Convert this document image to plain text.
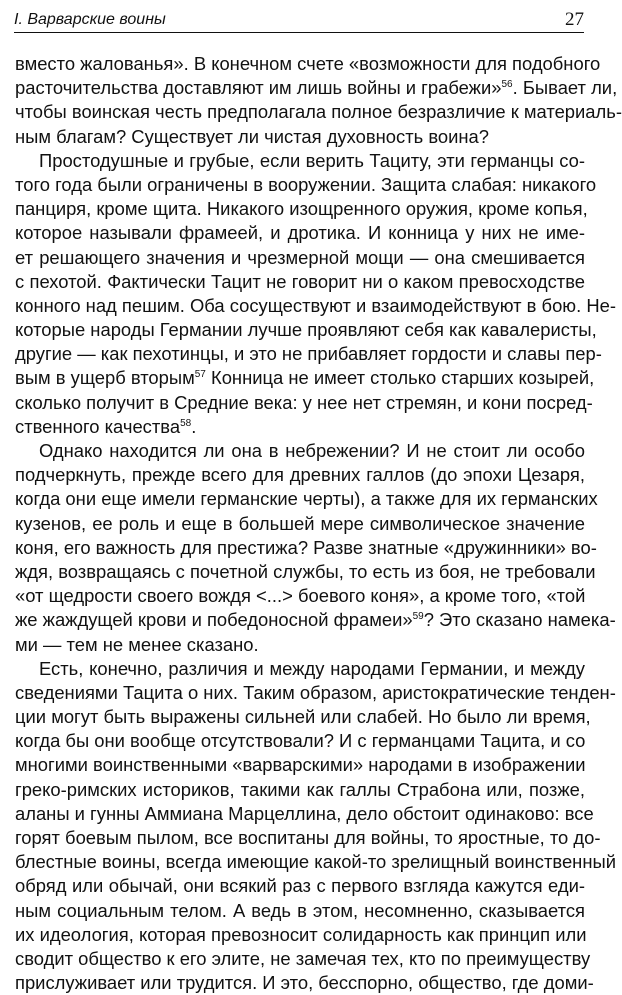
I. Варварские воины	27
вместо жалованья». В конечном счете «возможности для подобного
расточительства доставляют им лишь войны и грабежи»$^{56}$. Бывает ли,
чтобы воинская честь предполагала полное безразличие к материаль-
ным благам? Существует ли чистая духовность воина?
Простодушные и грубые, если верить Тациту, эти германцы со-
того года были ограничены в вооружении. Защита слабая: никакого
панциря, кроме щита. Никакого изощренного оружия, кроме копья,
которое называли фрамеей, и дротика. И конница у них не име-
ет решающего значения и чрезмерной мощи — она смешивается
с пехотой. Фактически Тацит не говорит ни о каком превосходстве
конного над пешим. Оба сосуществуют и взаимодействуют в бою. Не-
которые народы Германии лучше проявляют себя как кавалеристы,
другие — как пехотинцы, и это не прибавляет гордости и славы пер-
вым в ущерб вторым$^{57}$ Конница не имеет столько старших козырей,
сколько получит в Средние века: у нее нет стремян, и кони посред-
ственного качества$^{58}$.
Однако находится ли она в небрежении? И не стоит ли особо
подчеркнуть, прежде всего для древних галлов (до эпохи Цезаря,
когда они еще имели германские черты), а также для их германских
кузенов, ее роль и еще в большей мере символическое значение
коня, его важность для престижа? Разве знатные «дружинники» во-
ждя, возвращаясь с почетной службы, то есть из боя, не требовали
«от щедрости своего вождя <...> боевого коня», а кроме того, «той
же жаждущей крови и победоносной фрамеи»$^{59}$? Это сказано намека-
ми — тем не менее сказано.
Есть, конечно, различия и между народами Германии, и между
сведениями Тацита о них. Таким образом, аристократические тенден-
ции могут быть выражены сильней или слабей. Но было ли время,
когда бы они вообще отсутствовали? И с германцами Тацита, и со
многими воинственными «варварскими» народами в изображении
греко-римских историков, такими как галлы Страбона или, позже,
аланы и гунны Аммиана Марцеллина, дело обстоит одинаково: все
горят боевым пылом, все воспитаны для войны, то яростные, то до-
блестные воины, всегда имеющие какой-то зрелищный воинственный
обряд или обычай, они всякий раз с первого взгляда кажутся еди-
ным социальным телом. А ведь в этом, несомненно, сказывается
их идеология, которая превозносит солидарность как принцип или
сводит общество к его элите, не замечая тех, кто по преимуществу
прислуживает или трудится. И это, бесспорно, общество, где доми-
